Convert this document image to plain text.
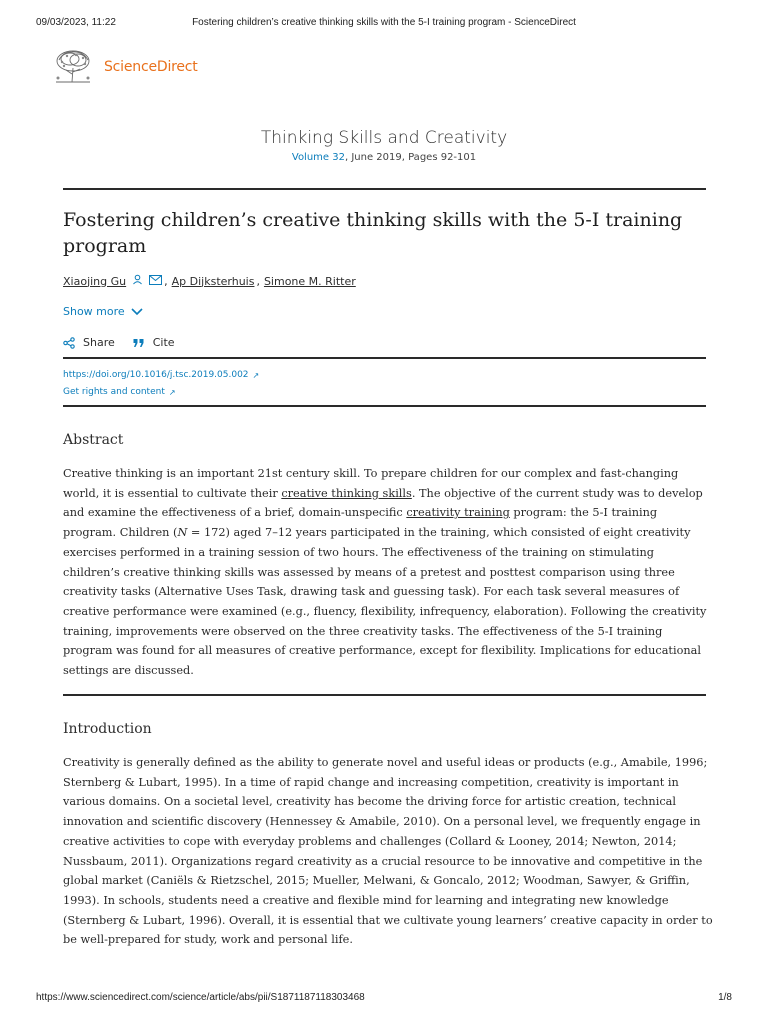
09/03/2023, 11:22	Fostering children’s creative thinking skills with the 5-I training program - ScienceDirect
ScienceDirect
Thinking Skills and Creativity
Volume 32, June 2019, Pages 92-101
Fostering children’s creative thinking skills with the 5-I training program
Xiaojing Gu	, Ap Dijksterhuis , Simone M. Ritter
Show more
Share	Cite
https://doi.org/10.1016/j.tsc.2019.05.002 ↗
Get rights and content ↗
Abstract
Creative thinking is an important 21st century skill. To prepare children for our complex and fast-changing world, it is essential to cultivate their creative thinking skills. The objective of the current study was to develop and examine the effectiveness of a brief, domain-unspecific creativity training program: the 5-I training program. Children (N = 172) aged 7–12 years participated in the training, which consisted of eight creativity exercises performed in a training session of two hours. The effectiveness of the training on stimulating children’s creative thinking skills was assessed by means of a pretest and posttest comparison using three creativity tasks (Alternative Uses Task, drawing task and guessing task). For each task several measures of creative performance were examined (e.g., fluency, flexibility, infrequency, elaboration). Following the creativity training, improvements were observed on the three creativity tasks. The effectiveness of the 5-I training program was found for all measures of creative performance, except for flexibility. Implications for educational settings are discussed.
Introduction
Creativity is generally defined as the ability to generate novel and useful ideas or products (e.g., Amabile, 1996; Sternberg & Lubart, 1995). In a time of rapid change and increasing competition, creativity is important in various domains. On a societal level, creativity has become the driving force for artistic creation, technical innovation and scientific discovery (Hennessey & Amabile, 2010). On a personal level, we frequently engage in creative activities to cope with everyday problems and challenges (Collard & Looney, 2014; Newton, 2014; Nussbaum, 2011). Organizations regard creativity as a crucial resource to be innovative and competitive in the global market (Caniëls & Rietzschel, 2015; Mueller, Melwani, & Goncalo, 2012; Woodman, Sawyer, & Griffin, 1993). In schools, students need a creative and flexible mind for learning and integrating new knowledge (Sternberg & Lubart, 1996). Overall, it is essential that we cultivate young learners’ creative capacity in order to be well-prepared for study, work and personal life.
https://www.sciencedirect.com/science/article/abs/pii/S1871187118303468	1/8
